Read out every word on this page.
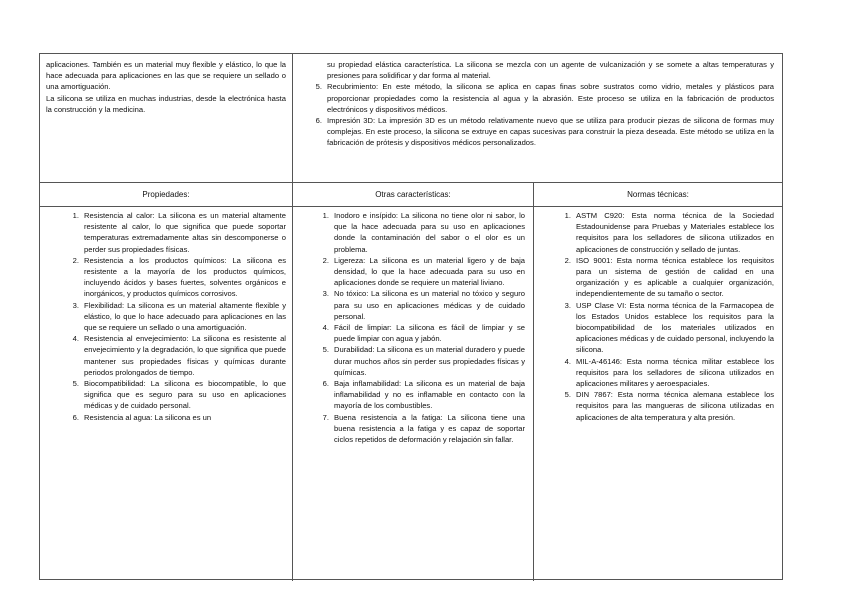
aplicaciones. También es un material muy flexible y elástico, lo que la hace adecuada para aplicaciones en las que se requiere un sellado o una amortiguación.

La silicona se utiliza en muchas industrias, desde la electrónica hasta la construcción y la medicina.

su propiedad elástica característica. La silicona se mezcla con un agente de vulcanización y se somete a altas temperaturas y presiones para solidificar y dar forma al material.
5. Recubrimiento: En este método, la silicona se aplica en capas finas sobre sustratos como vidrio, metales y plásticos para proporcionar propiedades como la resistencia al agua y la abrasión. Este proceso se utiliza en la fabricación de productos electrónicos y dispositivos médicos.
6. Impresión 3D: La impresión 3D es un método relativamente nuevo que se utiliza para producir piezas de silicona de formas muy complejas. En este proceso, la silicona se extruye en capas sucesivas para construir la pieza deseada. Este método se utiliza en la fabricación de prótesis y dispositivos médicos personalizados.
Propiedades:	Otras características:	Normas técnicas:
1. Resistencia al calor: La silicona es un material altamente resistente al calor, lo que significa que puede soportar temperaturas extremadamente altas sin descomponerse o perder sus propiedades físicas.
2. Resistencia a los productos químicos: La silicona es resistente a la mayoría de los productos químicos, incluyendo ácidos y bases fuertes, solventes orgánicos e inorgánicos, y productos químicos corrosivos.
3. Flexibilidad: La silicona es un material altamente flexible y elástico, lo que lo hace adecuado para aplicaciones en las que se requiere un sellado o una amortiguación.
4. Resistencia al envejecimiento: La silicona es resistente al envejecimiento y la degradación, lo que significa que puede mantener sus propiedades físicas y químicas durante periodos prolongados de tiempo.
5. Biocompatibilidad: La silicona es biocompatible, lo que significa que es seguro para su uso en aplicaciones médicas y de cuidado personal.
6. Resistencia al agua: La silicona es un
1. Inodoro e insípido: La silicona no tiene olor ni sabor, lo que la hace adecuada para su uso en aplicaciones donde la contaminación del sabor o el olor es un problema.
2. Ligereza: La silicona es un material ligero y de baja densidad, lo que la hace adecuada para su uso en aplicaciones donde se requiere un material liviano.
3. No tóxico: La silicona es un material no tóxico y seguro para su uso en aplicaciones médicas y de cuidado personal.
4. Fácil de limpiar: La silicona es fácil de limpiar y se puede limpiar con agua y jabón.
5. Durabilidad: La silicona es un material duradero y puede durar muchos años sin perder sus propiedades físicas y químicas.
6. Baja inflamabilidad: La silicona es un material de baja inflamabilidad y no es inflamable en contacto con la mayoría de los combustibles.
7. Buena resistencia a la fatiga: La silicona tiene una buena resistencia a la fatiga y es capaz de soportar ciclos repetidos de deformación y relajación sin fallar.
1. ASTM C920: Esta norma técnica de la Sociedad Estadounidense para Pruebas y Materiales establece los requisitos para los selladores de silicona utilizados en aplicaciones de construcción y sellado de juntas.
2. ISO 9001: Esta norma técnica establece los requisitos para un sistema de gestión de calidad en una organización y es aplicable a cualquier organización, independientemente de su tamaño o sector.
3. USP Clase VI: Esta norma técnica de la Farmacopea de los Estados Unidos establece los requisitos para la biocompatibilidad de los materiales utilizados en aplicaciones médicas y de cuidado personal, incluyendo la silicona.
4. MIL-A-46146: Esta norma técnica militar establece los requisitos para los selladores de silicona utilizados en aplicaciones militares y aeroespaciales.
5. DIN 7867: Esta norma técnica alemana establece los requisitos para las mangueras de silicona utilizadas en aplicaciones de alta temperatura y alta presión.
